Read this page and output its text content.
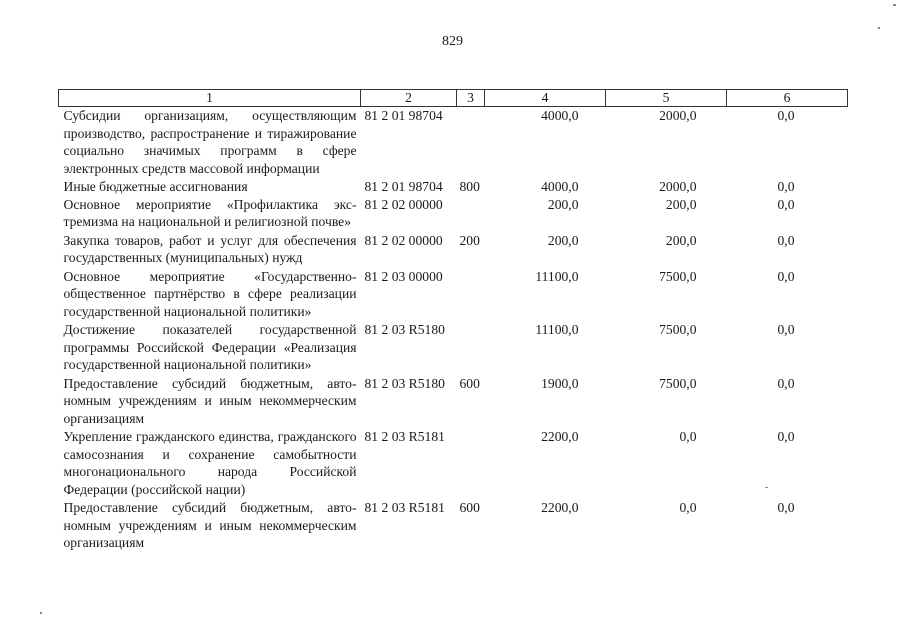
829
1	2	3	4	5	6
Субсидии организациям, осуществляющим производство, распространение и тиражирование социально значимых программ в сфере электронных средств массовой информации	81 2 01 98704		4000,0	2000,0	0,0
Иные бюджетные ассигнования	81 2 01 98704	800	4000,0	2000,0	0,0
Основное мероприятие «Профилактика экстремизма на национальной и религиозной почве»	81 2 02 00000		200,0	200,0	0,0
Закупка товаров, работ и услуг для обеспечения государственных (муниципальных) нужд	81 2 02 00000	200	200,0	200,0	0,0
Основное мероприятие «Государственно-общественное партнёрство в сфере реализации государственной национальной политики»	81 2 03 00000		11100,0	7500,0	0,0
Достижение показателей государственной программы Российской Федерации «Реализация государственной национальной политики»	81 2 03 R5180		11100,0	7500,0	0,0
Предоставление субсидий бюджетным, автономным учреждениям и иным некоммерческим организациям	81 2 03 R5180	600	1900,0	7500,0	0,0
Укрепление гражданского единства, гражданского самосознания и сохранение самобытности многонационального народа Российской Федерации (российской нации)	81 2 03 R5181		2200,0	0,0	0,0
Предоставление субсидий бюджетным, автономным учреждениям и иным некоммерческим организациям	81 2 03 R5181	600	2200,0	0,0	0,0
